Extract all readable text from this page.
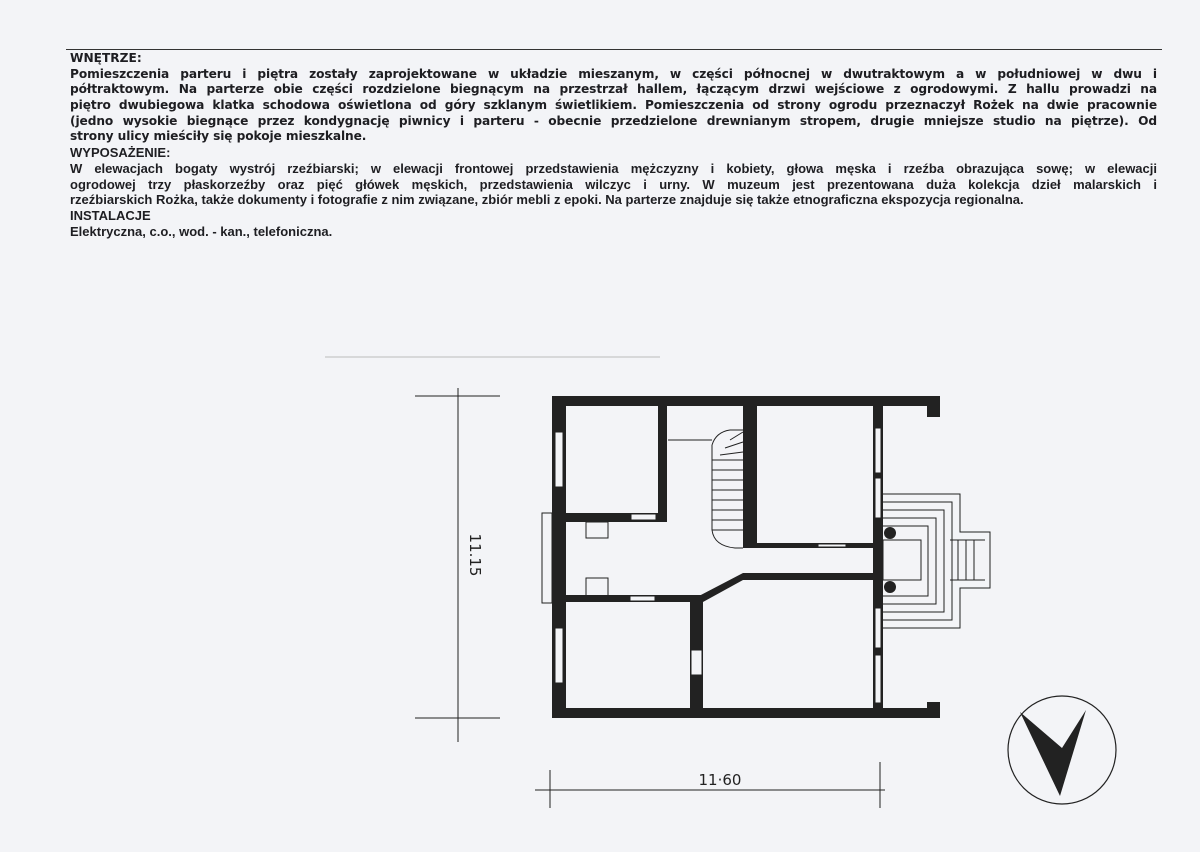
WNĘTRZE:
Pomieszczenia parteru i piętra zostały zaprojektowane w układzie mieszanym, w części północnej w dwutraktowym a w południowej w dwu i
półtraktowym. Na parterze obie części rozdzielone biegnącym na przestrzał hallem, łączącym drzwi wejściowe z ogrodowymi. Z hallu prowadzi na
piętro dwubiegowa klatka schodowa oświetlona od góry szklanym świetlikiem. Pomieszczenia od strony ogrodu przeznaczył Rożek na dwie pracownie
(jedno wysokie biegnące przez kondygnację piwnicy i parteru - obecnie przedzielone drewnianym stropem, drugie mniejsze studio na piętrze). Od
strony ulicy mieściły się pokoje mieszkalne.
WYPOSAŻENIE:
W elewacjach bogaty wystrój rzeźbiarski; w elewacji frontowej przedstawienia mężczyzny i kobiety, głowa męska i rzeźba obrazująca sowę; w elewacji
ogrodowej trzy płaskorzeźby oraz pięć główek męskich, przedstawienia wilczyc i urny. W muzeum jest prezentowana duża kolekcja dzieł malarskich i
rzeźbiarskich Rożka, także dokumenty i fotografie z nim związane, zbiór mebli z epoki. Na parterze znajduje się także etnograficzna ekspozycja regionalna.
INSTALACJE
Elektryczna, c.o., wod. - kan., telefoniczna.
11.15
11·60
